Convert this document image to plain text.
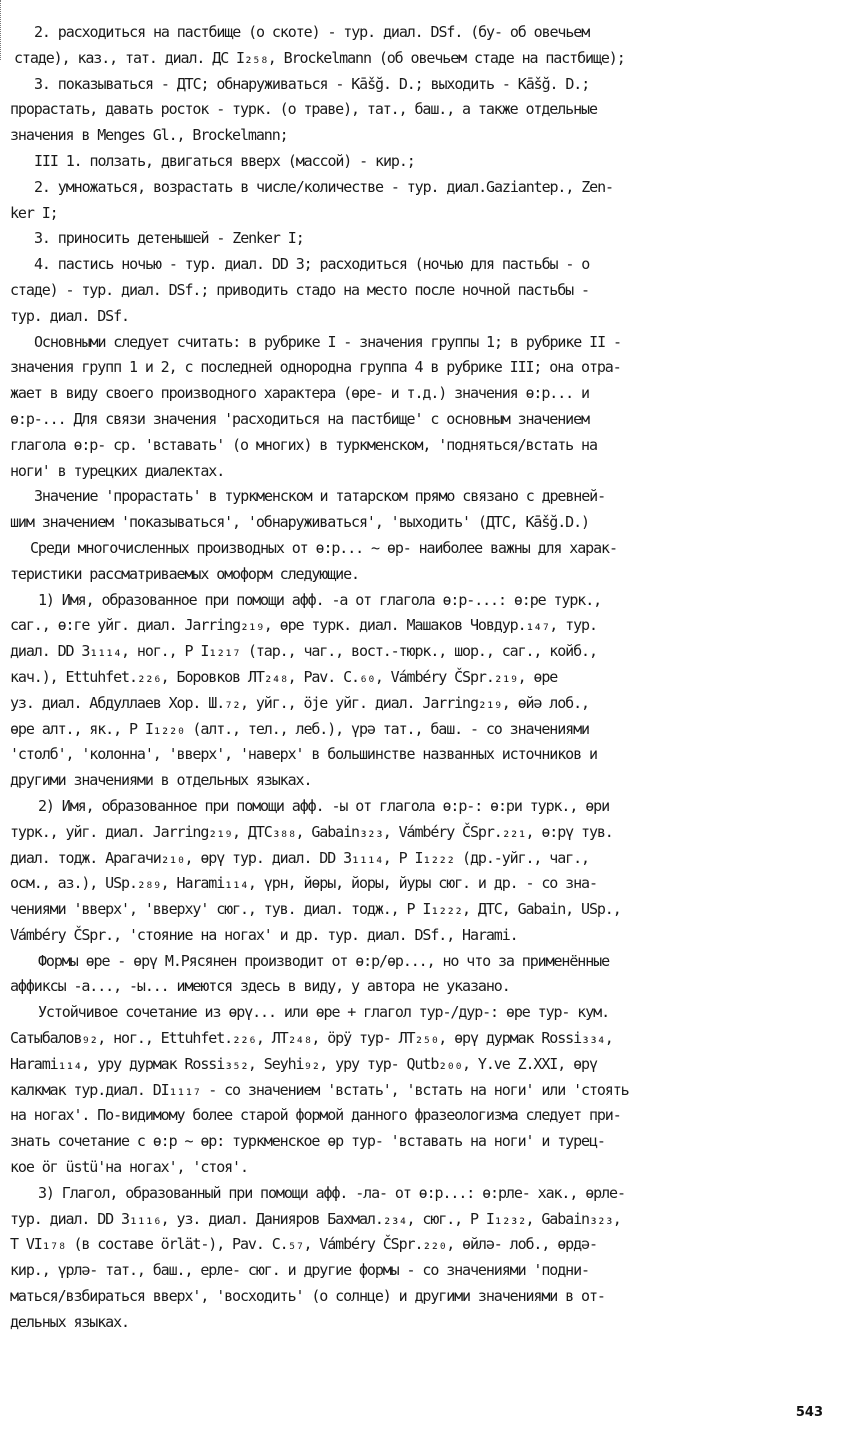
2. расходиться на пастбище (о скоте) - тур. диал. DSf. (бу- об овечьем
стаде), каз., тат. диал. ДС I₂₅₈, Brockelmann (об овечьем стаде на пастбище);
3. показываться - ДТС; обнаруживаться - Kāšğ. D.; выходить - Kāšğ. D.;
прорастать, давать росток - турк. (о траве), тат., баш., а также отдельные
значения в Menges Gl., Brockelmann;
III 1. ползать, двигаться вверх (массой) - кир.;
2. умножаться, возрастать в числе/количестве - тур. диал.Gaziantep., Zen-
ker I;
3. приносить детенышей - Zenker I;
4. пастись ночью - тур. диал. DD 3; расходиться (ночью для пастьбы - о
стаде) - тур. диал. DSf.; приводить стадо на место после ночной пастьбы -
тур. диал. DSf.
Основными следует считать: в рубрике I - значения группы 1; в рубрике II -
значения групп 1 и 2, с последней однородна группа 4 в рубрике III; она отра-
жает в виду своего производного характера (өре- и т.д.) значения ө:р... и
ө:р-... Для связи значения 'расходиться на пастбище' с основным значением
глагола ө:р- ср. 'вставать' (о многих) в туркменском, 'подняться/встать на
ноги' в турецких диалектах.
Значение 'прорастать' в туркменском и татарском прямо связано с древней-
шим значением 'показываться', 'обнаруживаться', 'выходить' (ДТС, Kāšğ.D.)
Среди многочисленных производных от ө:р... ~ өр- наиболее важны для харак-
теристики рассматриваемых омоформ следующие.
1) Имя, образованное при помощи афф. -а от глагола ө:р-...: ө:ре турк.,
саг., ө:ге уйг. диал. Jarring₂₁₉, өре турк. диал. Машаков Човдур.₁₄₇, тур.
диал. DD 3₁₁₁₄, ног., Р I₁₂₁₇ (тар., чаг., вост.-тюрк., шор., саг., койб.,
кач.), Ettuhfet.₂₂₆, Боровков ЛТ₂₄₈, Pav. C.₆₀, Vámbéry ČSpr.₂₁₉, өре
уз. диал. Абдуллаев Хор. Ш.₇₂, уйг., öjе уйг. диал. Jarring₂₁₉, өйә лоб.,
өре алт., як., Р I₁₂₂₀ (алт., тел., леб.), үрә тат., баш. - со значениями
'столб', 'колонна', 'вверх', 'наверх' в большинстве названных источников и
другими значениями в отдельных языках.
2) Имя, образованное при помощи афф. -ы от глагола ө:р-: ө:ри турк., өри
турк., уйг. диал. Jarring₂₁₉, ДТС₃₈₈, Gabain₃₂₃, Vámbéry ČSpr.₂₂₁, ө:рү тув.
диал. тодж. Арагачи₂₁₀, өрү тур. диал. DD 3₁₁₁₄, Р I₁₂₂₂ (др.-уйг., чаг.,
осм., аз.), USp.₂₈₉, Harami₁₁₄, үрн, йөры, йоры, йуры сюг. и др. - со зна-
чениями 'вверх', 'вверху' сюг., тув. диал. тодж., Р I₁₂₂₂, ДТС, Gabain, USp.,
Vámbéry ČSpr., 'стояние на ногах' и др. тур. диал. DSf., Harami.
Формы өре - өрү М.Рясянен производит от ө:р/өр..., но что за применённые
аффиксы -а..., -ы... имеются здесь в виду, у автора не указано.
Устойчивое сочетание из өрү... или өре + глагол тур-/дур-: өре тур- кум.
Сатыбалов₉₂, ног., Ettuhfet.₂₂₆, ЛТ₂₄₈, ӧрӱ тур- ЛТ₂₅₀, өрү дурмак Rossi₃₃₄,
Harami₁₁₄, уру дурмак Rossi₃₅₂, Seyhi₉₂, уру тур- Qutb₂₀₀, Y.ve Z.XXI, өрү
калкмак тур.диал. DI₁₁₁₇ - со значением 'встать', 'встать на ноги' или 'стоять
на ногах'. По-видимому более старой формой данного фразеологизма следует при-
знать сочетание с ө:р ~ өр: туркменское өр тур- 'вставать на ноги' и турец-
кое öг üstü'на ногах', 'стоя'.
3) Глагол, образованный при помощи афф. -ла- от ө:р...: ө:рле- хак., өрле-
тур. диал. DD 3₁₁₁₆, уз. диал. Даниярoв Бахмал.₂₃₄, сюг., Р I₁₂₃₂, Gabain₃₂₃,
Т VI₁₇₈ (в составе örlät-), Pav. C.₅₇, Vámbéry ČSpr.₂₂₀, өйлә- лоб., өрдә-
кир., үрлә- тат., баш., ерле- сюг. и другие формы - со значениями 'подни-
маться/взбираться вверх', 'восходить' (о солнце) и другими значениями в от-
дельных языках.
543
